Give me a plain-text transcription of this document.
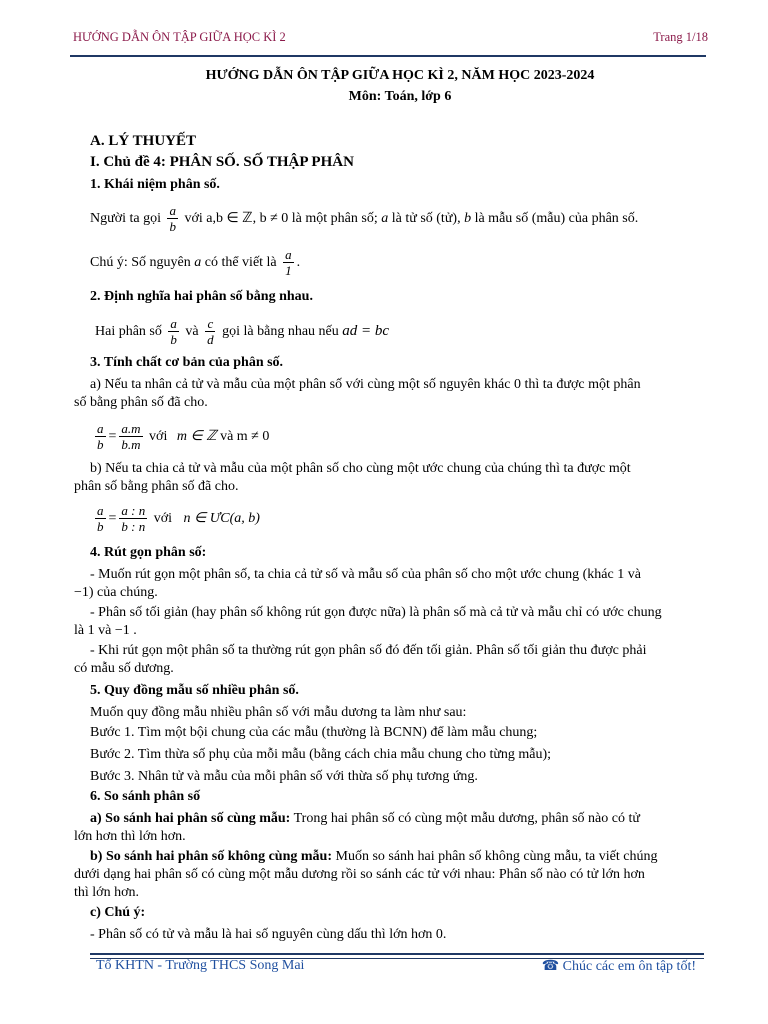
HƯỚNG DẪN ÔN TẬP GIỮA HỌC KÌ 2	Trang 1/18
HƯỚNG DẪN ÔN TẬP GIỮA HỌC KÌ 2, NĂM HỌC 2023-2024
Môn: Toán, lớp 6
A. LÝ THUYẾT
I. Chủ đề 4: PHÂN SỐ. SỐ THẬP PHÂN
1. Khái niệm phân số.
Người ta gọi $\frac{a}{b}$ với a,b ∈ ℤ, b ≠ 0 là một phân số; a là tử số (tử), b là mẫu số (mẫu) của phân số.
Chú ý: Số nguyên a có thể viết là $\frac{a}{1}$ .
2. Định nghĩa hai phân số bằng nhau.
Hai phân số $\frac{a}{b}$ và $\frac{c}{d}$ gọi là bằng nhau nếu ad = bc
3. Tính chất cơ bản của phân số.
a) Nếu ta nhân cả tử và mẫu của một phân số với cùng một số nguyên khác 0 thì ta được một phân
số bằng phân số đã cho.
$\frac{a}{b} = \frac{a.m}{b.m}$ với m ∈ ℤ và m ≠ 0
b) Nếu ta chia cả tử và mẫu của một phân số cho cùng một ước chung của chúng thì ta được một
phân số bằng phân số đã cho.
$\frac{a}{b} = \frac{a : n}{b : n}$ với n ∈ ƯC(a, b)
4. Rút gọn phân số:
- Muốn rút gọn một phân số, ta chia cả tử số và mẫu số của phân số cho một ước chung (khác 1 và
−1) của chúng.
- Phân số tối giản (hay phân số không rút gọn được nữa) là phân số mà cả tử và mẫu chỉ có ước chung
là 1 và −1 .
- Khi rút gọn một phân số ta thường rút gọn phân số đó đến tối giản. Phân số tối giản thu được phải
có mẫu số dương.
5. Quy đồng mẫu số nhiều phân số.
Muốn quy đồng mẫu nhiều phân số với mẫu dương ta làm như sau:
Bước 1. Tìm một bội chung của các mẫu (thường là BCNN) để làm mẫu chung;
Bước 2. Tìm thừa số phụ của mỗi mẫu (bằng cách chia mẫu chung cho từng mẫu);
Bước 3. Nhân tử và mẫu của mỗi phân số với thừa số phụ tương ứng.
6. So sánh phân số
a) So sánh hai phân số cùng mẫu: Trong hai phân số có cùng một mẫu dương, phân số nào có tử
lớn hơn thì lớn hơn.
b) So sánh hai phân số không cùng mẫu: Muốn so sánh hai phân số không cùng mẫu, ta viết chúng
dưới dạng hai phân số có cùng một mẫu dương rồi so sánh các tử với nhau: Phân số nào có tử lớn hơn
thì lớn hơn.
c) Chú ý:
- Phân số có tử và mẫu là hai số nguyên cùng dấu thì lớn hơn 0.
Tổ KHTN - Trường THCS Song Mai	☎ Chúc các em ôn tập tốt!
